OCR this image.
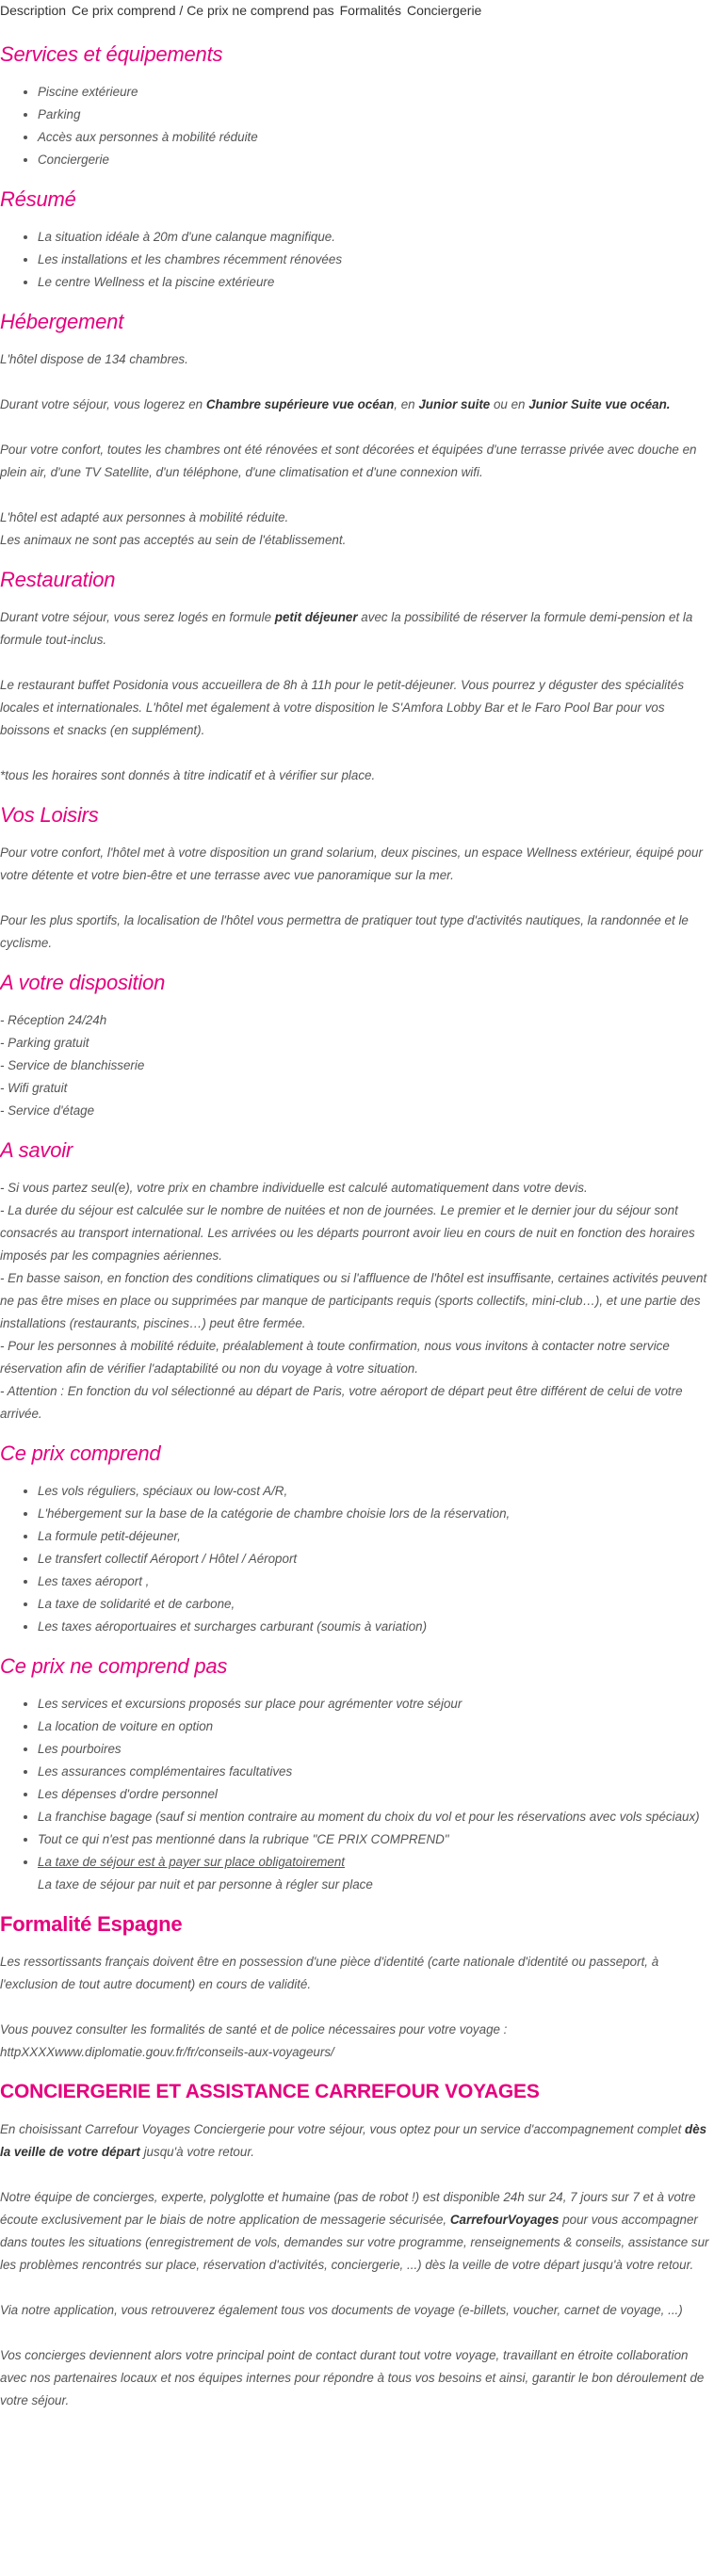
Description Ce prix comprend / Ce prix ne comprend pas Formalités Conciergerie
Services et équipements
• Piscine extérieure
• Parking
• Accès aux personnes à mobilité réduite
• Conciergerie
Résumé
• La situation idéale à 20m d'une calanque magnifique.
• Les installations et les chambres récemment rénovées
• Le centre Wellness et la piscine extérieure
Hébergement

L'hôtel dispose de 134 chambres.

Durant votre séjour, vous logerez en Chambre supérieure vue océan, en Junior suite ou en Junior Suite vue océan.

Pour votre confort, toutes les chambres ont été rénovées et sont décorées et équipées d'une terrasse privée avec douche en plein air, d'une TV Satellite, d'un téléphone, d'une climatisation et d'une connexion wifi.

L'hôtel est adapté aux personnes à mobilité réduite.

Les animaux ne sont pas acceptés au sein de l'établissement.

Restauration

Durant votre séjour, vous serez logés en formule petit déjeuner avec la possibilité de réserver la formule demi-pension et la formule tout-inclus.

Le restaurant buffet Posidonia vous accueillera de 8h à 11h pour le petit-déjeuner. Vous pourrez y déguster des spécialités locales et internationales. L'hôtel met également à votre disposition le S'Amfora Lobby Bar et le Faro Pool Bar pour vos boissons et snacks (en supplément).

*tous les horaires sont donnés à titre indicatif et à vérifier sur place.

Vos Loisirs

Pour votre confort, l'hôtel met à votre disposition un grand solarium, deux piscines, un espace Wellness extérieur, équipé pour votre détente et votre bien-être et une terrasse avec vue panoramique sur la mer.

Pour les plus sportifs, la localisation de l'hôtel vous permettra de pratiquer tout type d'activités nautiques, la randonnée et le cyclisme.

A votre disposition

- Réception 24/24h

- Parking gratuit

- Service de blanchisserie

- Wifi gratuit

- Service d'étage

A savoir

- Si vous partez seul(e), votre prix en chambre individuelle est calculé automatiquement dans votre devis.

- La durée du séjour est calculée sur le nombre de nuitées et non de journées. Le premier et le dernier jour du séjour sont consacrés au transport international. Les arrivées ou les départs pourront avoir lieu en cours de nuit en fonction des horaires imposés par les compagnies aériennes.

- En basse saison, en fonction des conditions climatiques ou si l'affluence de l'hôtel est insuffisante, certaines activités peuvent ne pas être mises en place ou supprimées par manque de participants requis (sports collectifs, mini-club…), et une partie des installations (restaurants, piscines…) peut être fermée.

- Pour les personnes à mobilité réduite, préalablement à toute confirmation, nous vous invitons à contacter notre service réservation afin de vérifier l'adaptabilité ou non du voyage à votre situation.

- Attention : En fonction du vol sélectionné au départ de Paris, votre aéroport de départ peut être différent de celui de votre arrivée.

Ce prix comprend
• Les vols réguliers, spéciaux ou low-cost A/R,
• L'hébergement sur la base de la catégorie de chambre choisie lors de la réservation,
• La formule petit-déjeuner,
• Le transfert collectif Aéroport / Hôtel / Aéroport
• Les taxes aéroport ,
• La taxe de solidarité et de carbone,
• Les taxes aéroportuaires et surcharges carburant (soumis à variation)
Ce prix ne comprend pas
• Les services et excursions proposés sur place pour agrémenter votre séjour
• La location de voiture en option
• Les pourboires
• Les assurances complémentaires facultatives
• Les dépenses d'ordre personnel
• La franchise bagage (sauf si mention contraire au moment du choix du vol et pour les réservations avec vols spéciaux)
• Tout ce qui n'est pas mentionné dans la rubrique "CE PRIX COMPREND"
• La taxe de séjour est à payer sur place obligatoirement
La taxe de séjour par nuit et par personne à régler sur place
Formalité Espagne

Les ressortissants français doivent être en possession d'une pièce d'identité (carte nationale d'identité ou passeport, à l'exclusion de tout autre document) en cours de validité.

Vous pouvez consulter les formalités de santé et de police nécessaires pour votre voyage :

httpXXXXwww.diplomatie.gouv.fr/fr/conseils-aux-voyageurs/

CONCIERGERIE ET ASSISTANCE CARREFOUR VOYAGES

En choisissant Carrefour Voyages Conciergerie pour votre séjour, vous optez pour un service d'accompagnement complet dès la veille de votre départ jusqu'à votre retour.

Notre équipe de concierges, experte, polyglotte et humaine (pas de robot !) est disponible 24h sur 24, 7 jours sur 7 et à votre écoute exclusivement par le biais de notre application de messagerie sécurisée, CarrefourVoyages pour vous accompagner dans toutes les situations (enregistrement de vols, demandes sur votre programme, renseignements & conseils, assistance sur les problèmes rencontrés sur place, réservation d'activités, conciergerie, ...) dès la veille de votre départ jusqu'à votre retour.

Via notre application, vous retrouverez également tous vos documents de voyage (e-billets, voucher, carnet de voyage, ...)

Vos concierges deviennent alors votre principal point de contact durant tout votre voyage, travaillant en étroite collaboration avec nos partenaires locaux et nos équipes internes pour répondre à tous vos besoins et ainsi, garantir le bon déroulement de votre séjour.
